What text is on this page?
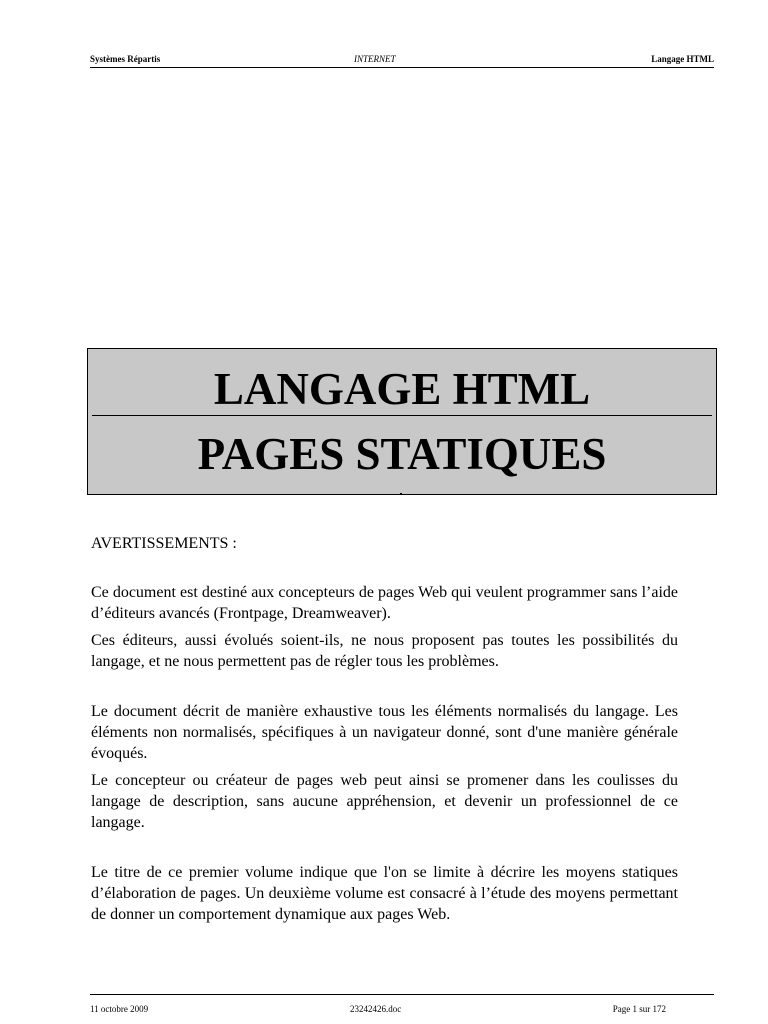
Systèmes Répartis	INTERNET	Langage HTML
LANGAGE HTML
PAGES STATIQUES

AVERTISSEMENTS :

Ce document est destiné aux concepteurs de pages Web qui veulent programmer sans l’aide d’éditeurs avancés (Frontpage, Dreamweaver).

Ces éditeurs, aussi évolués soient-ils, ne nous proposent pas toutes les possibilités du langage, et ne nous permettent pas de régler tous les problèmes.

Le document décrit de manière exhaustive tous les éléments normalisés du langage. Les éléments non normalisés, spécifiques à un navigateur donné, sont d'une manière générale évoqués.

Le concepteur ou créateur de pages web peut ainsi se promener dans les coulisses du langage de description, sans aucune appréhension, et devenir un professionnel de ce langage.

Le titre de ce premier volume indique que l'on se limite à décrire les moyens statiques d’élaboration de pages. Un deuxième volume est consacré à l’étude des moyens permettant de donner un comportement dynamique aux pages Web.

11 octobre 2009	23242426.doc	Page 1 sur 172
